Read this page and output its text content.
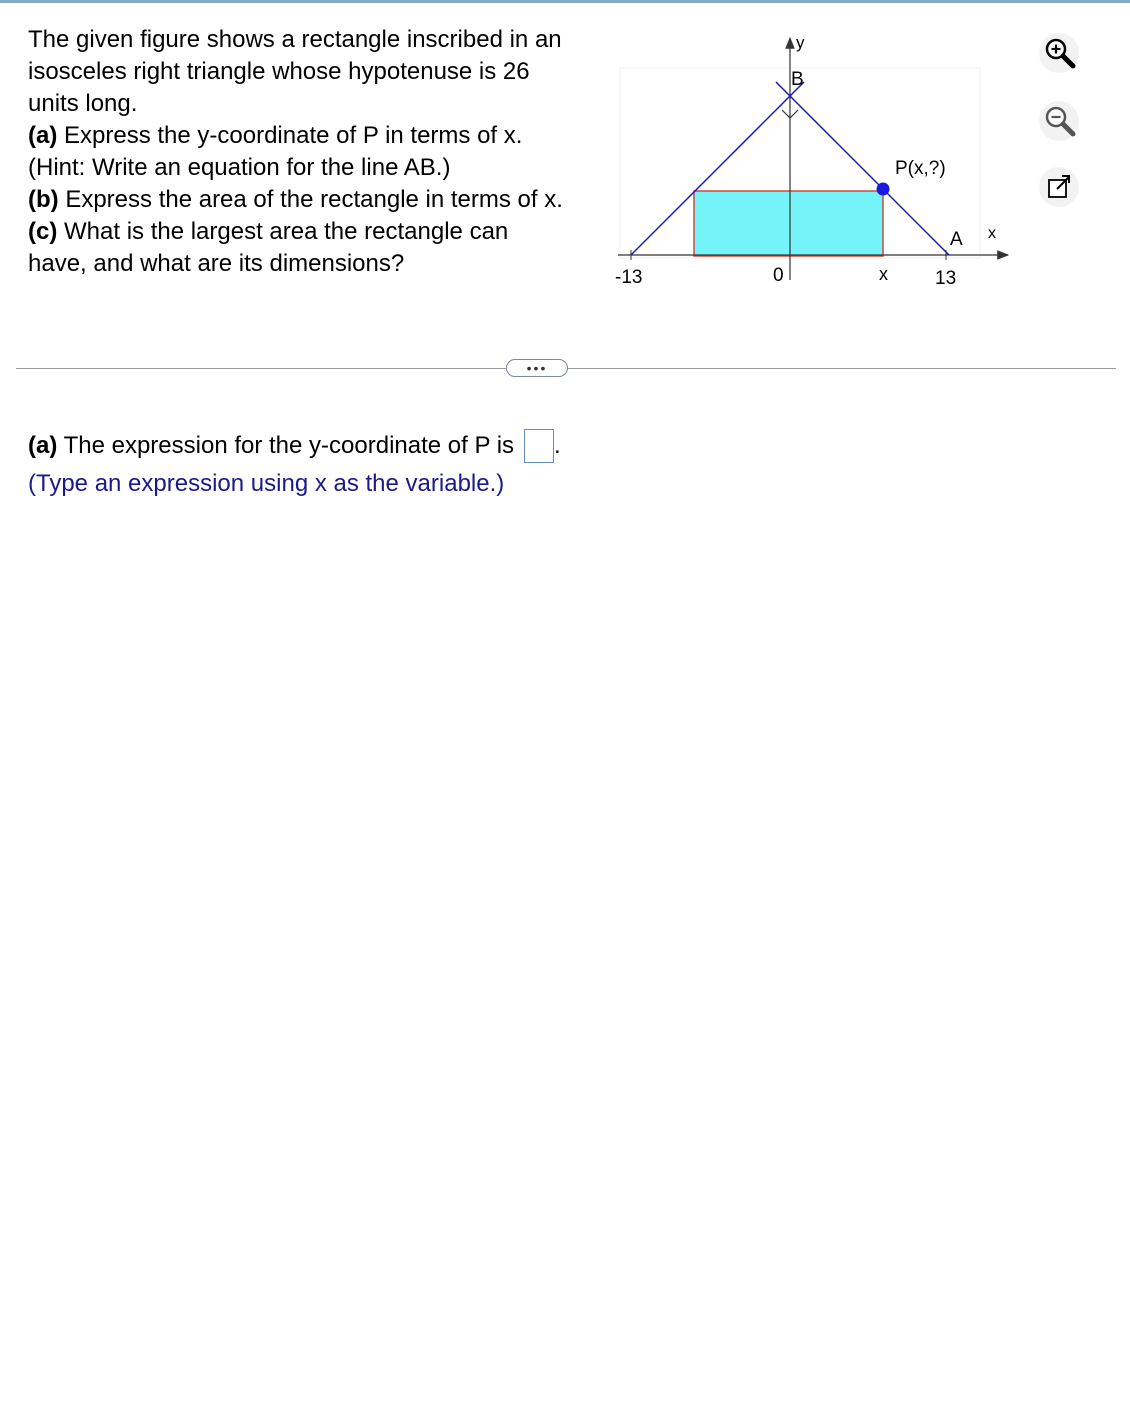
The given figure shows a rectangle inscribed in an isosceles right triangle whose hypotenuse is 26 units long.

(a) Express the y-coordinate of P in terms of x. (Hint: Write an equation for the line AB.)

(b) Express the area of the rectangle in terms of x.

(c) What is the largest area the rectangle can have, and what are its dimensions?

y
B
P(x,?)
A x
-13	0	x 13
•••
(a) The expression for the y-coordinate of P is .
(Type an expression using x as the variable.)
